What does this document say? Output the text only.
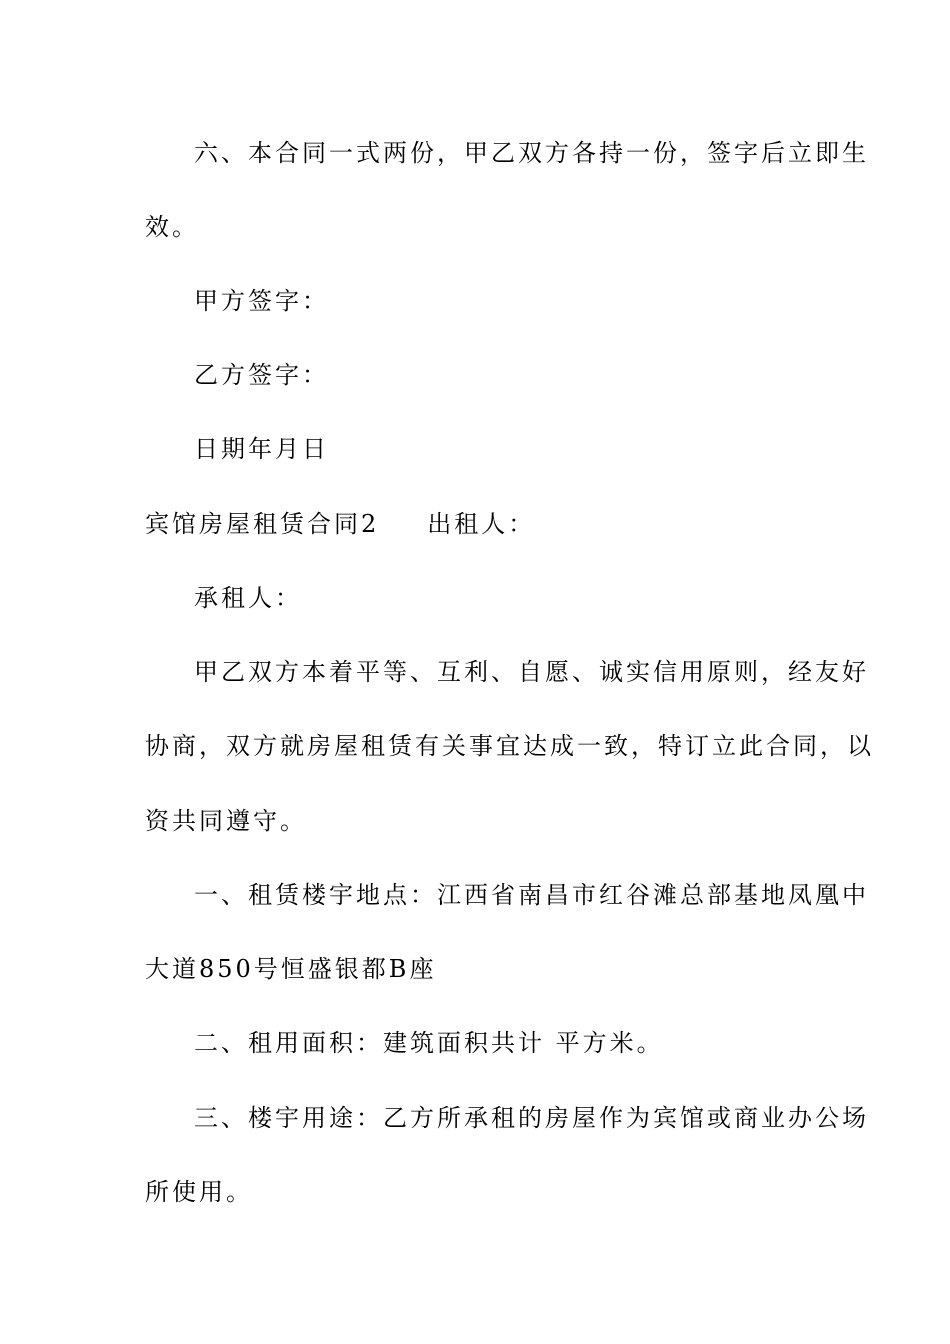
六、本合同一式两份，甲乙双方各持一份，签字后立即生
效。
甲方签字：
乙方签字：
日期年月日
宾馆房屋租赁合同2 出租人：
承租人：
甲乙双方本着平等、互利、自愿、诚实信用原则，经友好
协商，双方就房屋租赁有关事宜达成一致，特订立此合同，以
资共同遵守。
一、租赁楼宇地点：江西省南昌市红谷滩总部基地凤凰中
大道850号恒盛银都B座
二、租用面积：建筑面积共计 平方米。
三、楼宇用途：乙方所承租的房屋作为宾馆或商业办公场
所使用。
